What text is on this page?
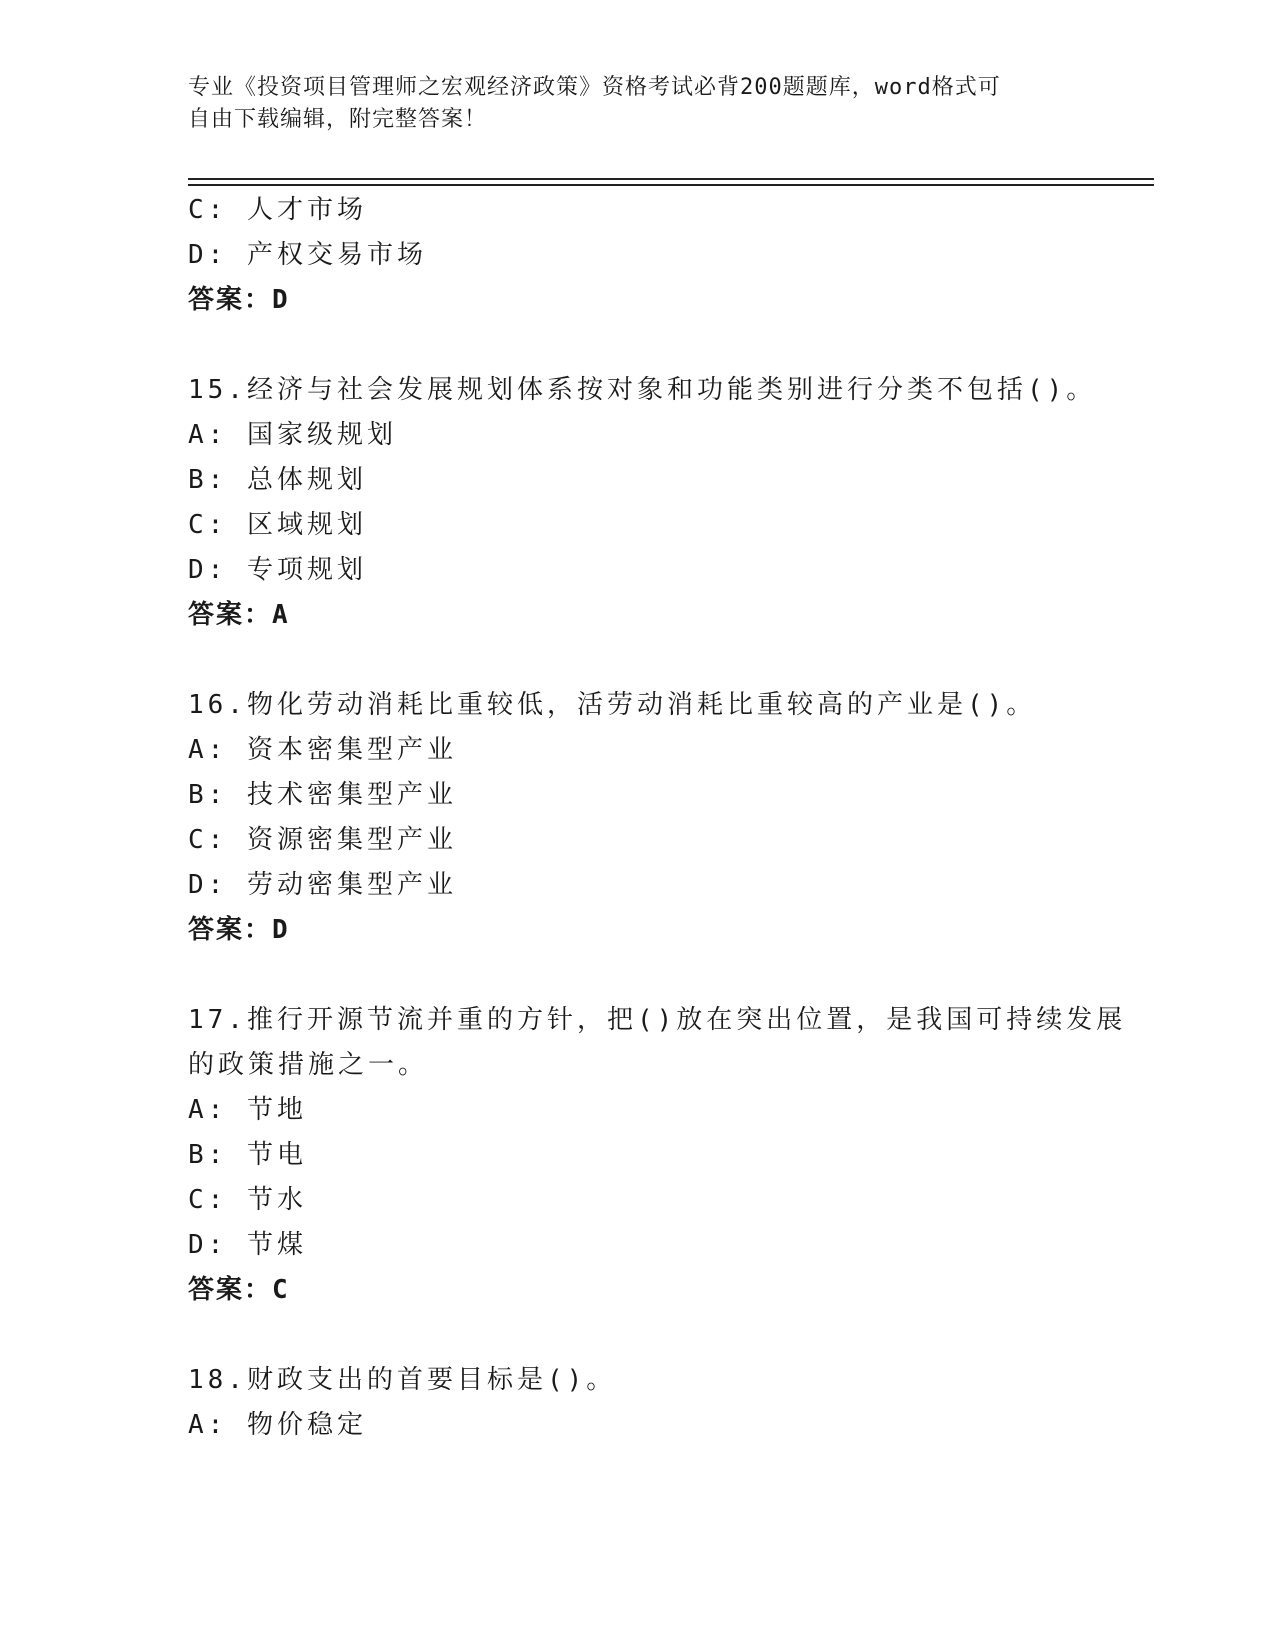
专业《投资项目管理师之宏观经济政策》资格考试必背200题题库，word格式可
自由下载编辑，附完整答案！
C: 人才市场
D: 产权交易市场
答案：D
15.经济与社会发展规划体系按对象和功能类别进行分类不包括()。
A: 国家级规划
B: 总体规划
C: 区域规划
D: 专项规划
答案：A
16.物化劳动消耗比重较低，活劳动消耗比重较高的产业是()。
A: 资本密集型产业
B: 技术密集型产业
C: 资源密集型产业
D: 劳动密集型产业
答案：D
17.推行开源节流并重的方针，把()放在突出位置，是我国可持续发展
的政策措施之一。
A: 节地
B: 节电
C: 节水
D: 节煤
答案：C
18.财政支出的首要目标是()。
A: 物价稳定
